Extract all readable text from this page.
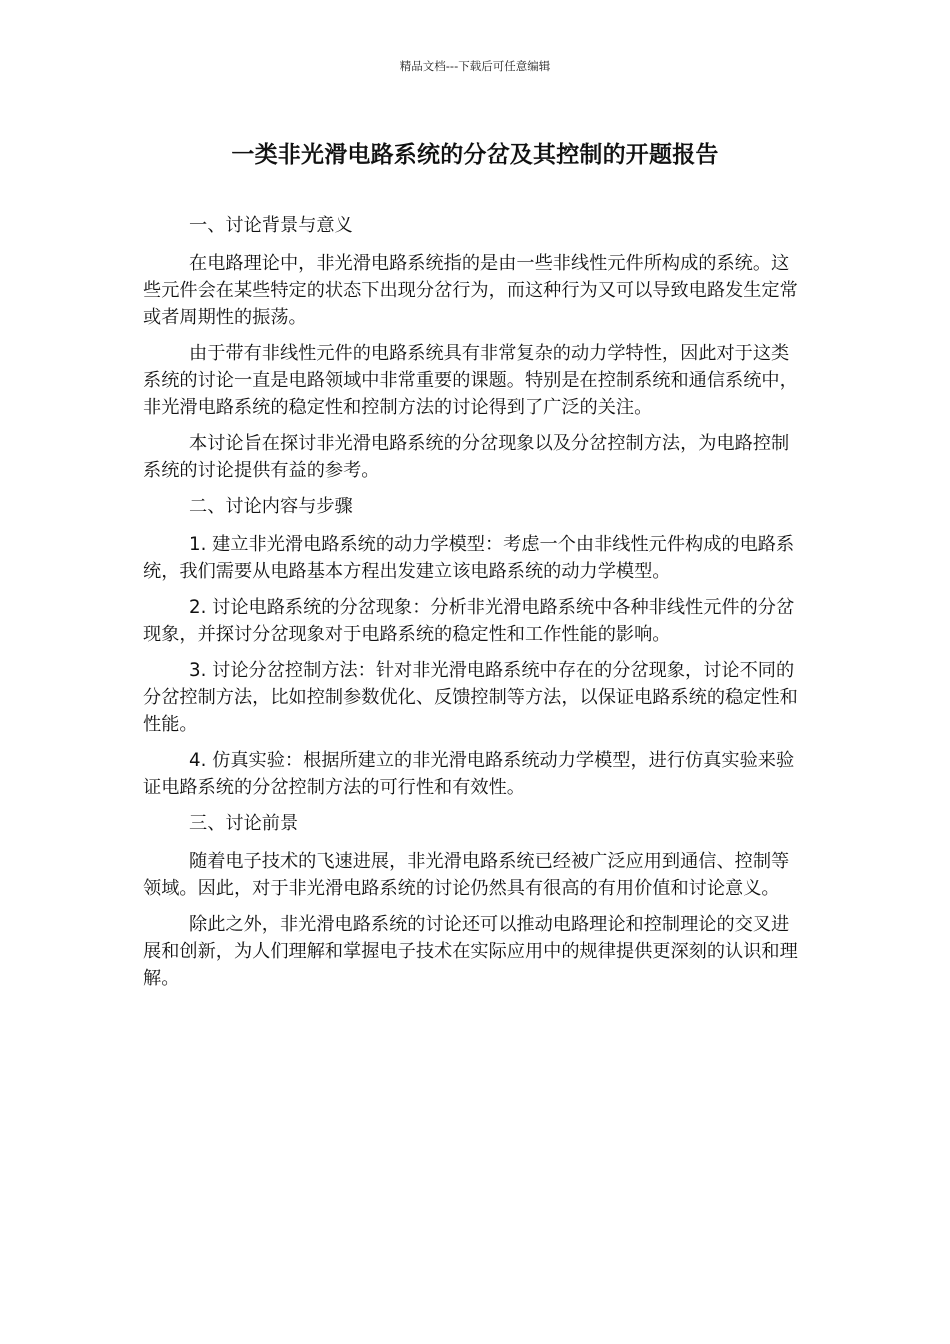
精品文档---下载后可任意编辑
一类非光滑电路系统的分岔及其控制的开题报告

一、讨论背景与意义

在电路理论中，非光滑电路系统指的是由一些非线性元件所构成的系统。这些元件会在某些特定的状态下出现分岔行为，而这种行为又可以导致电路发生定常或者周期性的振荡。

由于带有非线性元件的电路系统具有非常复杂的动力学特性，因此对于这类系统的讨论一直是电路领域中非常重要的课题。特别是在控制系统和通信系统中，非光滑电路系统的稳定性和控制方法的讨论得到了广泛的关注。

本讨论旨在探讨非光滑电路系统的分岔现象以及分岔控制方法，为电路控制系统的讨论提供有益的参考。

二、讨论内容与步骤

1. 建立非光滑电路系统的动力学模型：考虑一个由非线性元件构成的电路系统，我们需要从电路基本方程出发建立该电路系统的动力学模型。

2. 讨论电路系统的分岔现象：分析非光滑电路系统中各种非线性元件的分岔现象，并探讨分岔现象对于电路系统的稳定性和工作性能的影响。

3. 讨论分岔控制方法：针对非光滑电路系统中存在的分岔现象，讨论不同的分岔控制方法，比如控制参数优化、反馈控制等方法，以保证电路系统的稳定性和性能。

4. 仿真实验：根据所建立的非光滑电路系统动力学模型，进行仿真实验来验证电路系统的分岔控制方法的可行性和有效性。

三、讨论前景

随着电子技术的飞速进展，非光滑电路系统已经被广泛应用到通信、控制等领域。因此，对于非光滑电路系统的讨论仍然具有很高的有用价值和讨论意义。

除此之外，非光滑电路系统的讨论还可以推动电路理论和控制理论的交叉进展和创新，为人们理解和掌握电子技术在实际应用中的规律提供更深刻的认识和理解。
